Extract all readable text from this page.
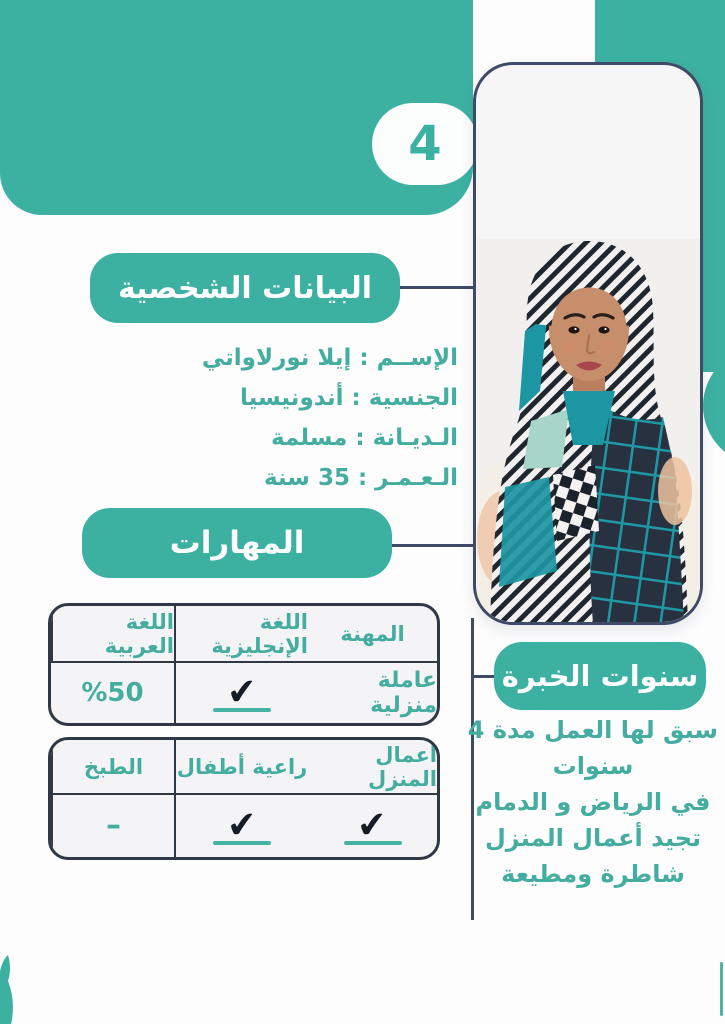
4
البيانات الشخصية
الإســم : إيلا نورلاواتي
الجنسية : أندونيسيا
الـديـانة : مسلمة
الـعـمـر : 35 سنة
المهارات
المهنة
اللغة الإنجليزية
اللغة العربية
عاملة منزلية
✔
%50
أعمال المنزل
راعية أطفال
الطبخ
✔
✔
–
سنوات الخبرة
سبق لها العمل مدة 4
سنوات
في الرياض و الدمام
تجيد أعمال المنزل
شاطرة ومطيعة
